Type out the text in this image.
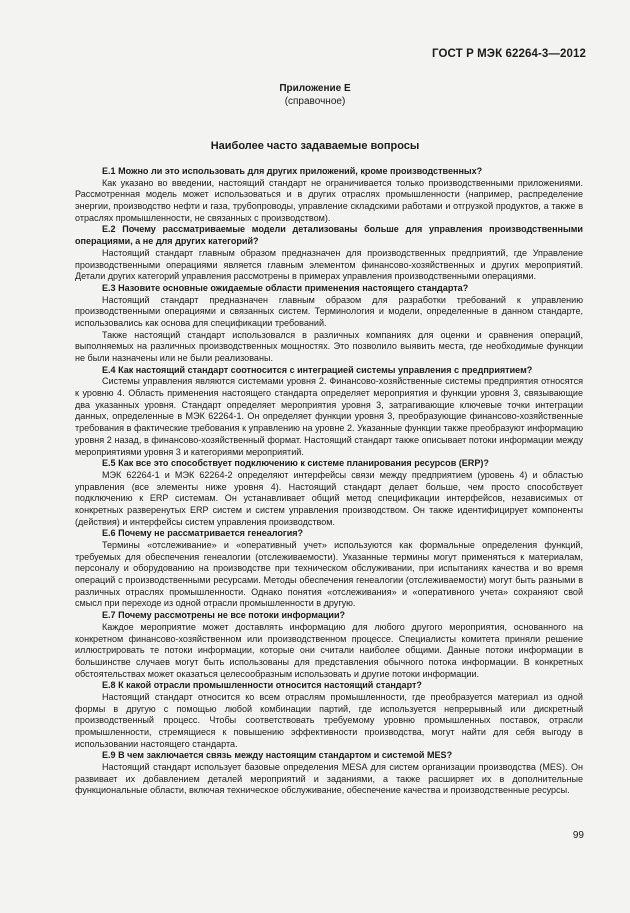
ГОСТ Р МЭК 62264-3—2012
Приложение Е
(справочное)
Наиболее часто задаваемые вопросы

Е.1 Можно ли это использовать для других приложений, кроме производственных?

Как указано во введении, настоящий стандарт не ограничивается только производственными приложениями. Рассмотренная модель может использоваться и в других отраслях промышленности (например, распределение энергии, производство нефти и газа, трубопроводы, управление складскими работами и отгрузкой продуктов, а также в отраслях промышленности, не связанных с производством).

Е.2 Почему рассматриваемые модели детализованы больше для управления производственными операциями, а не для других категорий?

Настоящий стандарт главным образом предназначен для производственных предприятий, где Управление производственными операциями является главным элементом финансово-хозяйственных и других мероприятий. Детали других категорий управления рассмотрены в примерах управления производственными операциями.

Е.3 Назовите основные ожидаемые области применения настоящего стандарта?

Настоящий стандарт предназначен главным образом для разработки требований к управлению производственными операциями и связанных систем. Терминология и модели, определенные в данном стандарте, использовались как основа для спецификации требований.

Также настоящий стандарт использовался в различных компаниях для оценки и сравнения операций, выполняемых на различных производственных мощностях. Это позволило выявить места, где необходимые функции не были назначены или не были реализованы.

Е.4 Как настоящий стандарт соотносится с интеграцией системы управления с предприятием?

Системы управления являются системами уровня 2. Финансово-хозяйственные системы предприятия относятся к уровню 4. Область применения настоящего стандарта определяет мероприятия и функции уровня 3, связывающие два указанных уровня. Стандарт определяет мероприятия уровня 3, затрагивающие ключевые точки интеграции данных, определенные в МЭК 62264-1. Он определяет функции уровня 3, преобразующие финансово-хозяйственные требования в фактические требования к управлению на уровне 2. Указанные функции также преобразуют информацию уровня 2 назад, в финансово-хозяйственный формат. Настоящий стандарт также описывает потоки информации между мероприятиями уровня 3 и категориями мероприятий.

Е.5 Как все это способствует подключению к системе планирования ресурсов (ERP)?

МЭК 62264-1 и МЭК 62264-2 определяют интерфейсы связи между предприятием (уровень 4) и областью управления (все элементы ниже уровня 4). Настоящий стандарт делает больше, чем просто способствует подключению к ERP системам. Он устанавливает общий метод спецификации интерфейсов, независимых от конкретных разверенутых ERP систем и систем управления производством. Он также идентифицирует компоненты (действия) и интерфейсы систем управления производством.

Е.6 Почему не рассматривается генеалогия?

Термины «отслеживание» и «оперативный учет» используются как формальные определения функций, требуемых для обеспечения генеалогии (отслеживаемости). Указанные термины могут применяться к материалам, персоналу и оборудованию на производстве при техническом обслуживании, при испытаниях качества и во время операций с производственными ресурсами. Методы обеспечения генеалогии (отслеживаемости) могут быть разными в различных отраслях промышленности. Однако понятия «отслеживания» и «оперативного учета» сохраняют свой смысл при переходе из одной отрасли промышленности в другую.

Е.7 Почему рассмотрены не все потоки информации?

Каждое мероприятие может доставлять информацию для любого другого мероприятия, основанного на конкретном финансово-хозяйственном или производственном процессе. Специалисты комитета приняли решение иллюстрировать те потоки информации, которые они считали наиболее общими. Данные потоки информации в большинстве случаев могут быть использованы для представления обычного потока информации. В конкретных обстоятельствах может оказаться целесообразным использовать и другие потоки информации.

Е.8 К какой отрасли промышленности относится настоящий стандарт?

Настоящий стандарт относится ко всем отраслям промышленности, где преобразуется материал из одной формы в другую с помощью любой комбинации партий, где используется непрерывный или дискретный производственный процесс. Чтобы соответствовать требуемому уровню промышленных поставок, отрасли промышленности, стремящиеся к повышению эффективности производства, могут найти для себя выгоду в использовании настоящего стандарта.

Е.9 В чем заключается связь между настоящим стандартом и системой MES?

Настоящий стандарт использует базовые определения MESA для систем организации производства (MES). Он развивает их добавлением деталей мероприятий и заданиями, а также расширяет их в дополнительные функциональные области, включая техническое обслуживание, обеспечение качества и производственные ресурсы.

99
